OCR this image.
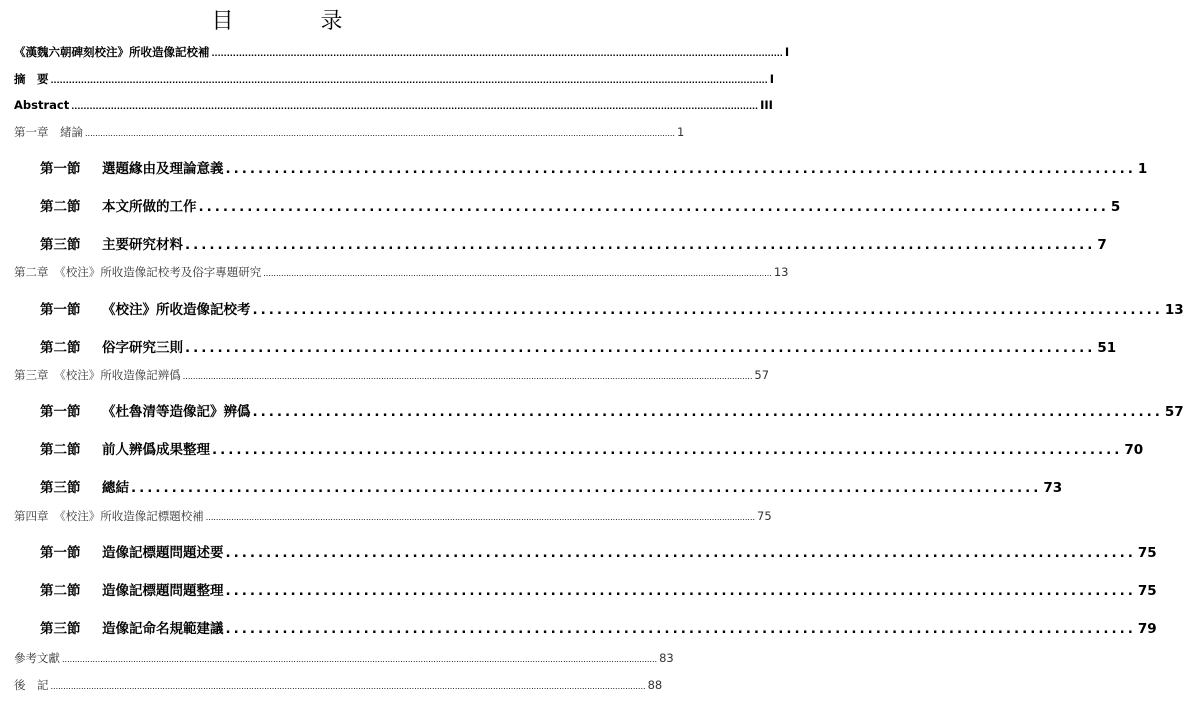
目 录
《漢魏六朝碑刻校注》所收造像記校補 ............................................................................................................................................................................................ I
摘　要 ............................................................................................................................................................................................................................................ I
Abstract .................................................................................................................................................................................................................................. III
第一章　緒論 ........................................................................................................................................................................................................................................ 1
第一節 選題緣由及理論意義 ................................................................................................................ 1
第二節 本文所做的工作 ................................................................................................................ 5
第三節 主要研究材料 ................................................................................................................ 7
第二章　《校注》所收造像記校考及俗字專題研究 ........................................................................................................................................................................................................ 13
第一節 《校注》所收造像記校考 ................................................................................................................ 13
第二節 俗字研究三則 ................................................................................................................ 51
第三章　《校注》所收造像記辨僞 ................................................................................................................................................................................................................................ 57
第一節 《杜魯清等造像記》辨僞 ................................................................................................................ 57
第二節 前人辨僞成果整理 ................................................................................................................ 70
第三節 總結 ................................................................................................................ 73
第四章　《校注》所收造像記標題校補 ........................................................................................................................................................................................................................ 75
第一節 造像記標題問題述要 ................................................................................................................ 75
第二節 造像記標題問題整理 ................................................................................................................ 75
第三節 造像記命名規範建議 ................................................................................................................ 79
參考文獻 .......................................................................................................................................................................................................................................... 83
後　記 .......................................................................................................................................................................................................................................... 88
